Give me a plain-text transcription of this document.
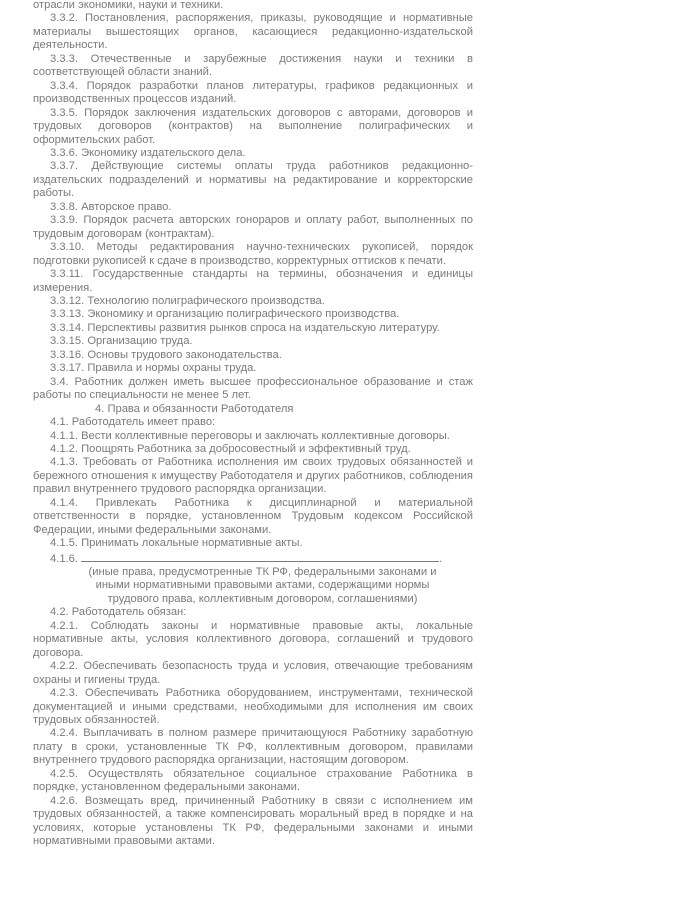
отрасли экономики, науки и техники.

3.3.2. Постановления, распоряжения, приказы, руководящие и нормативные материалы вышестоящих органов, касающиеся редакционно-издательской деятельности.

3.3.3. Отечественные и зарубежные достижения науки и техники в соответствующей области знаний.

3.3.4. Порядок разработки планов литературы, графиков редакционных и производственных процессов изданий.

3.3.5. Порядок заключения издательских договоров с авторами, договоров и трудовых договоров (контрактов) на выполнение полиграфических и оформительских работ.

3.3.6. Экономику издательского дела.

3.3.7. Действующие системы оплаты труда работников редакционно-издательских подразделений и нормативы на редактирование и корректорские работы.

3.3.8. Авторское право.

3.3.9. Порядок расчета авторских гонораров и оплату работ, выполненных по трудовым договорам (контрактам).

3.3.10. Методы редактирования научно-технических рукописей, порядок подготовки рукописей к сдаче в производство, корректурных оттисков к печати.

3.3.11. Государственные стандарты на термины, обозначения и единицы измерения.

3.3.12. Технологию полиграфического производства.

3.3.13. Экономику и организацию полиграфического производства.

3.3.14. Перспективы развития рынков спроса на издательскую литературу.

3.3.15. Организацию труда.

3.3.16. Основы трудового законодательства.

3.3.17. Правила и нормы охраны труда.

3.4. Работник должен иметь высшее профессиональное образование и стаж работы по специальности не менее 5 лет.

4. Права и обязанности Работодателя

4.1. Работодатель имеет право:

4.1.1. Вести коллективные переговоры и заключать коллективные договоры.

4.1.2. Поощрять Работника за добросовестный и эффективный труд.

4.1.3. Требовать от Работника исполнения им своих трудовых обязанностей и бережного отношения к имуществу Работодателя и других работников, соблюдения правил внутреннего трудового распорядка организации.

4.1.4. Привлекать Работника к дисциплинарной и материальной ответственности в порядке, установленном Трудовым кодексом Российской Федерации, иными федеральными законами.

4.1.5. Принимать локальные нормативные акты.

4.1.6.	.

(иные права, предусмотренные ТК РФ, федеральными законами и иными нормативными правовыми актами, содержащими нормы трудового права, коллективным договором, соглашениями)

4.2. Работодатель обязан:

4.2.1. Соблюдать законы и нормативные правовые акты, локальные нормативные акты, условия коллективного договора, соглашений и трудового договора.

4.2.2. Обеспечивать безопасность труда и условия, отвечающие требованиям охраны и гигиены труда.

4.2.3. Обеспечивать Работника оборудованием, инструментами, технической документацией и иными средствами, необходимыми для исполнения им своих трудовых обязанностей.

4.2.4. Выплачивать в полном размере причитающуюся Работнику заработную плату в сроки, установленные ТК РФ, коллективным договором, правилами внутреннего трудового распорядка организации, настоящим договором.

4.2.5. Осуществлять обязательное социальное страхование Работника в порядке, установленном федеральными законами.

4.2.6. Возмещать вред, причиненный Работнику в связи с исполнением им трудовых обязанностей, а также компенсировать моральный вред в порядке и на условиях, которые установлены ТК РФ, федеральными законами и иными нормативными правовыми актами.
